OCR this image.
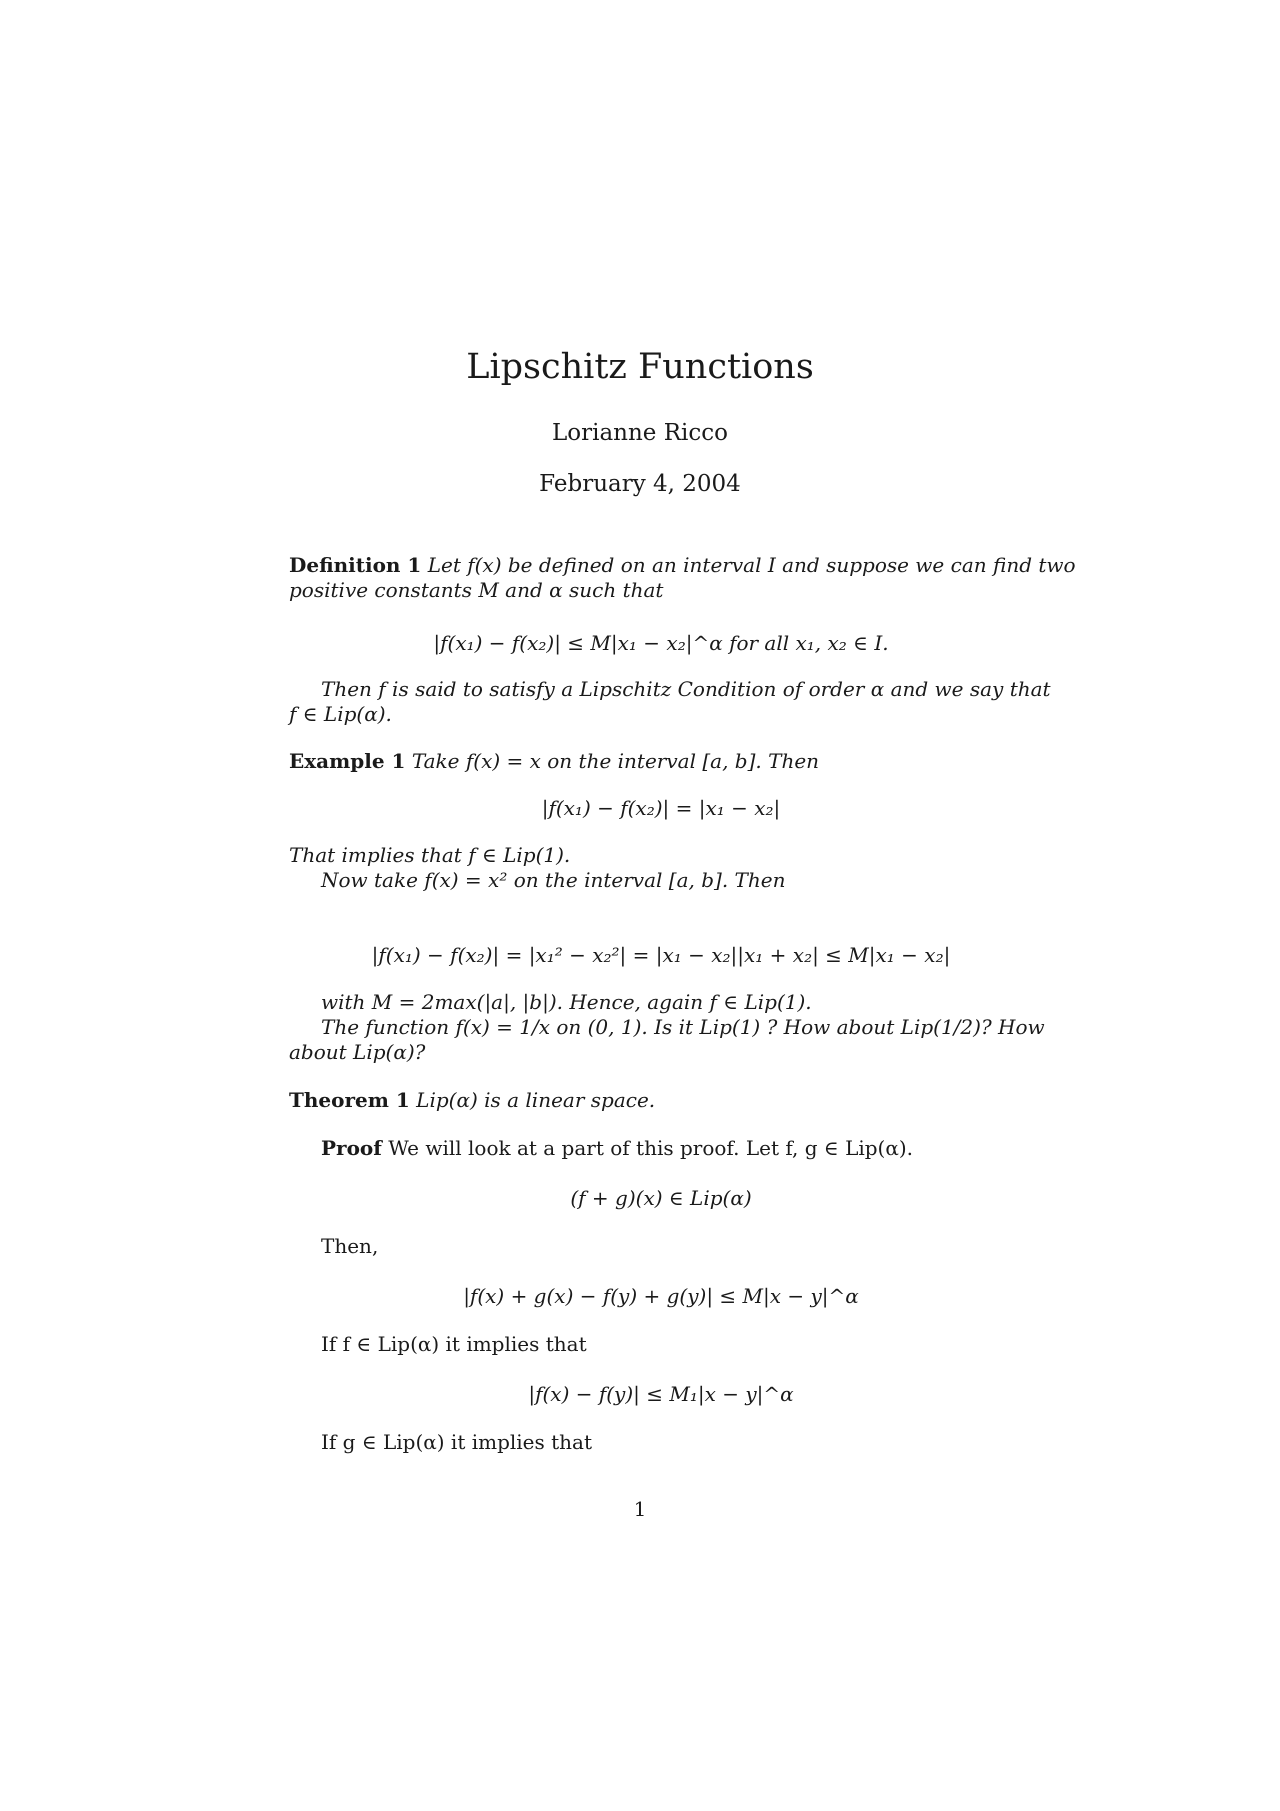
Lipschitz Functions
Lorianne Ricco
February 4, 2004
Definition 1 Let f(x) be defined on an interval I and suppose we can find two
positive constants M and α such that
|f(x₁) − f(x₂)| ≤ M|x₁ − x₂|^α for all x₁, x₂ ∈ I.
Then f is said to satisfy a Lipschitz Condition of order α and we say that
f ∈ Lip(α).
Example 1 Take f(x) = x on the interval [a, b]. Then
|f(x₁) − f(x₂)| = |x₁ − x₂|
That implies that f ∈ Lip(1).
Now take f(x) = x² on the interval [a, b]. Then
|f(x₁) − f(x₂)| = |x₁² − x₂²| = |x₁ − x₂||x₁ + x₂| ≤ M|x₁ − x₂|
with M = 2max(|a|, |b|). Hence, again f ∈ Lip(1).
The function f(x) = 1/x on (0, 1). Is it Lip(1) ? How about Lip(1/2)? How
about Lip(α)?
Theorem 1 Lip(α) is a linear space.
Proof We will look at a part of this proof. Let f, g ∈ Lip(α).
(f + g)(x) ∈ Lip(α)
Then,
|f(x) + g(x) − f(y) + g(y)| ≤ M|x − y|^α
If f ∈ Lip(α) it implies that
|f(x) − f(y)| ≤ M₁|x − y|^α
If g ∈ Lip(α) it implies that
1
